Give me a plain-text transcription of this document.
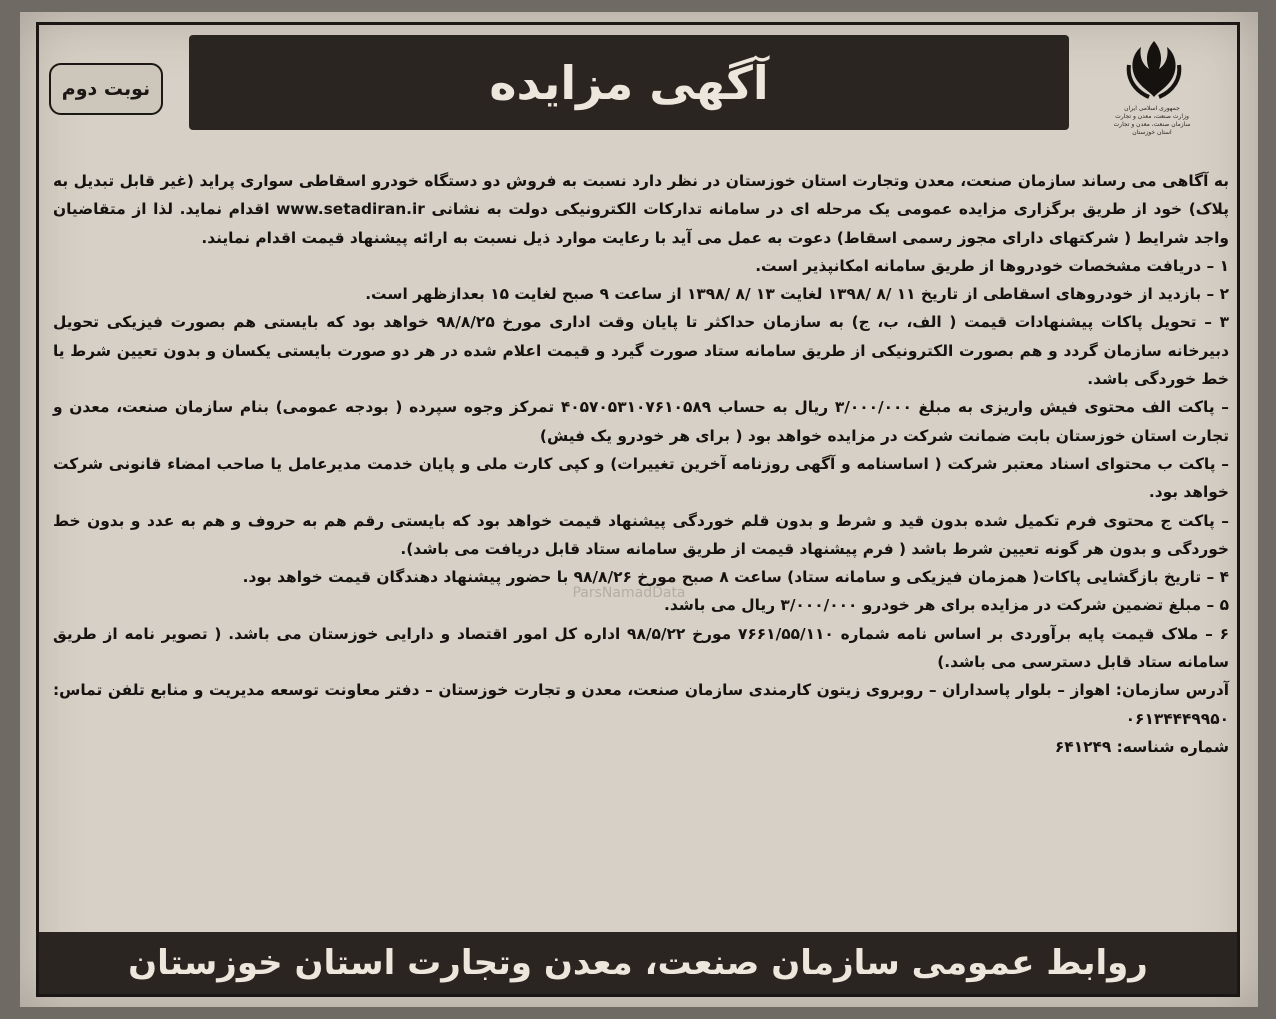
جمهوری اسلامی ایران
وزارت صنعت، معدن و تجارت
سازمان صنعت، معدن و تجارت استان خوزستان
آگهی مزایده
نوبت دوم

به آگاهی می رساند سازمان صنعت، معدن وتجارت استان خوزستان در نظر دارد نسبت به فروش دو دستگاه خودرو اسقاطی سواری پراید (غیر قابل تبدیل به پلاک) خود از طریق برگزاری مزایده عمومی یک مرحله ای در سامانه تدارکات الکترونیکی دولت به نشانی www.setadiran.ir اقدام نماید. لذا از متقاضیان واجد شرایط ( شرکتهای دارای مجوز رسمی اسقاط) دعوت به عمل می آید با رعایت موارد ذیل نسبت به ارائه پیشنهاد قیمت اقدام نمایند.

۱ – دریافت مشخصات خودروها از طریق سامانه امکانپذیر است.

۲ – بازدید از خودروهای اسقاطی از تاریخ ۱۱ /۸ /۱۳۹۸ لغایت ۱۳ /۸ /۱۳۹۸ از ساعت ۹ صبح لغایت ۱۵ بعدازظهر است.

۳ – تحویل پاکات پیشنهادات قیمت ( الف، ب، ج) به سازمان حداکثر تا پایان وقت اداری مورخ ۹۸/۸/۲۵ خواهد بود که بایستی هم بصورت فیزیکی تحویل دبیرخانه سازمان گردد و هم بصورت الکترونیکی از طریق سامانه ستاد صورت گیرد و قیمت اعلام شده در هر دو صورت بایستی یکسان و بدون تعیین شرط یا خط خوردگی باشد.

– پاکت الف محتوی فیش واریزی به مبلغ ۳/۰۰۰/۰۰۰ ریال به حساب ۴۰۵۷۰۵۳۱۰۷۶۱۰۵۸۹ تمرکز وجوه سپرده ( بودجه عمومی) بنام سازمان صنعت، معدن و تجارت استان خوزستان بابت ضمانت شرکت در مزایده خواهد بود ( برای هر خودرو یک فیش)

– پاکت ب محتوای اسناد معتبر شرکت ( اساسنامه و آگهی روزنامه آخرین تغییرات) و کپی کارت ملی و پایان خدمت مدیرعامل یا صاحب امضاء قانونی شرکت خواهد بود.

– پاکت ج محتوی فرم تکمیل شده بدون قید و شرط و بدون قلم خوردگی پیشنهاد قیمت خواهد بود که بایستی رقم هم به حروف و هم به عدد و بدون خط خوردگی و بدون هر گونه تعیین شرط باشد ( فرم پیشنهاد قیمت از طریق سامانه ستاد قابل دریافت می باشد).

۴ – تاریخ بازگشایی پاکات( همزمان فیزیکی و سامانه ستاد) ساعت ۸ صبح مورخ ۹۸/۸/۲۶ با حضور پیشنهاد دهندگان قیمت خواهد بود.

۵ – مبلغ تضمین شرکت در مزایده برای هر خودرو ۳/۰۰۰/۰۰۰ ریال می باشد.

۶ – ملاک قیمت پایه برآوردی بر اساس نامه شماره ۷۶۶۱/۵۵/۱۱۰ مورخ ۹۸/۵/۲۲ اداره کل امور اقتصاد و دارایی خوزستان می باشد. ( تصویر نامه از طریق سامانه ستاد قابل دسترسی می باشد.)

آدرس سازمان: اهواز – بلوار پاسداران – روبروی زیتون کارمندی سازمان صنعت، معدن و تجارت خوزستان – دفتر معاونت توسعه مدیریت و منابع تلفن تماس: ۰۶۱۳۴۴۴۹۹۵۰

شماره شناسه: ۶۴۱۲۴۹

ParsNamadData
روابط عمومی سازمان صنعت، معدن وتجارت استان خوزستان
